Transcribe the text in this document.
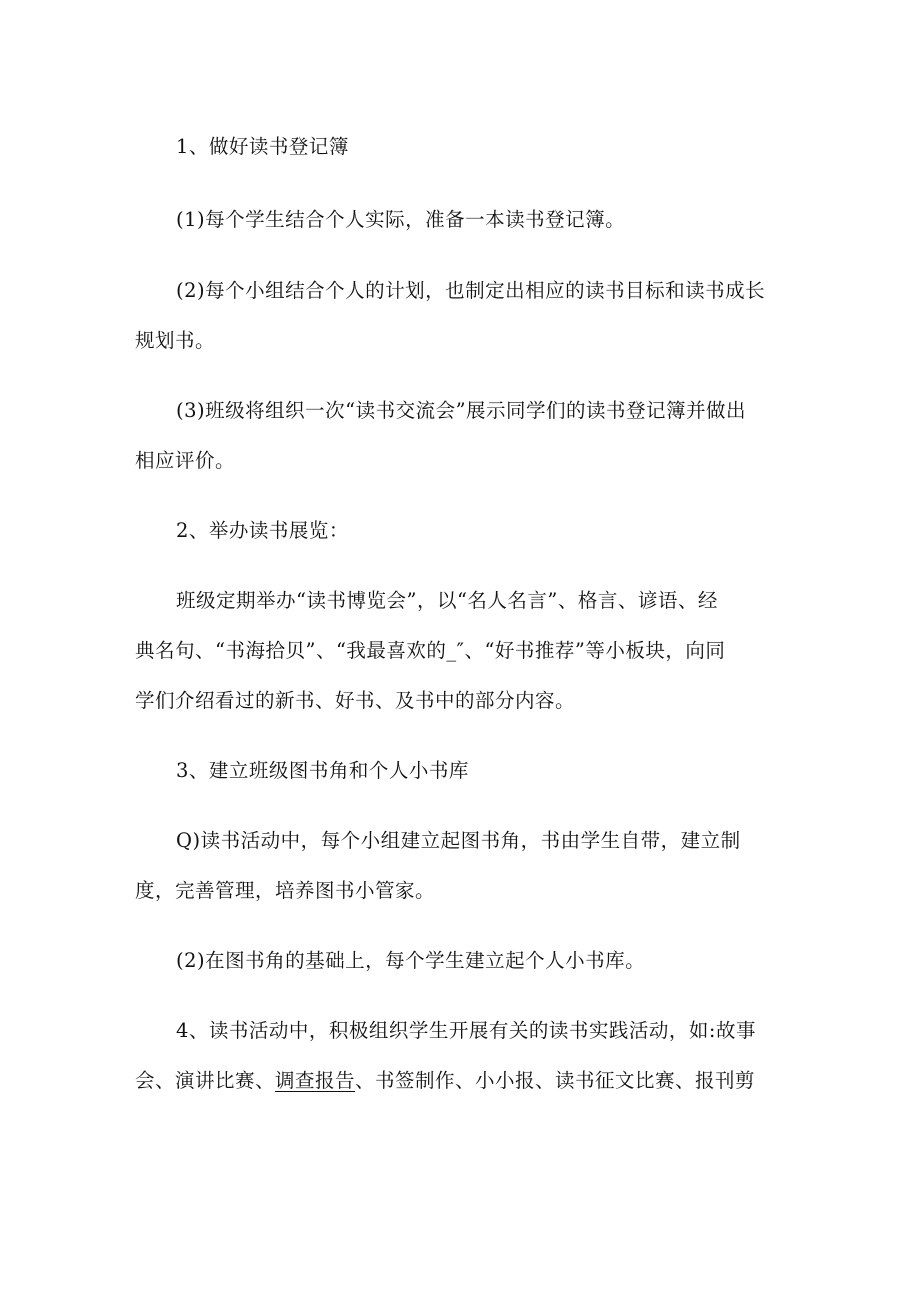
1、做好读书登记簿
(1)每个学生结合个人实际，准备一本读书登记簿。
(2)每个小组结合个人的计划，也制定出相应的读书目标和读书成长
规划书。
(3)班级将组织一次“读书交流会”展示同学们的读书登记簿并做出
相应评价。
2、举办读书展览：
班级定期举办“读书博览会”，以“名人名言”、格言、谚语、经
典名句、“书海拾贝”、“我最喜欢的_″、“好书推荐”等小板块，向同
学们介绍看过的新书、好书、及书中的部分内容。
3、建立班级图书角和个人小书库
Q)读书活动中，每个小组建立起图书角，书由学生自带，建立制
度，完善管理，培养图书小管家。
(2)在图书角的基础上，每个学生建立起个人小书库。
4、读书活动中，积极组织学生开展有关的读书实践活动，如:故事
会、演讲比赛、调查报告、书签制作、小小报、读书征文比赛、报刊剪
